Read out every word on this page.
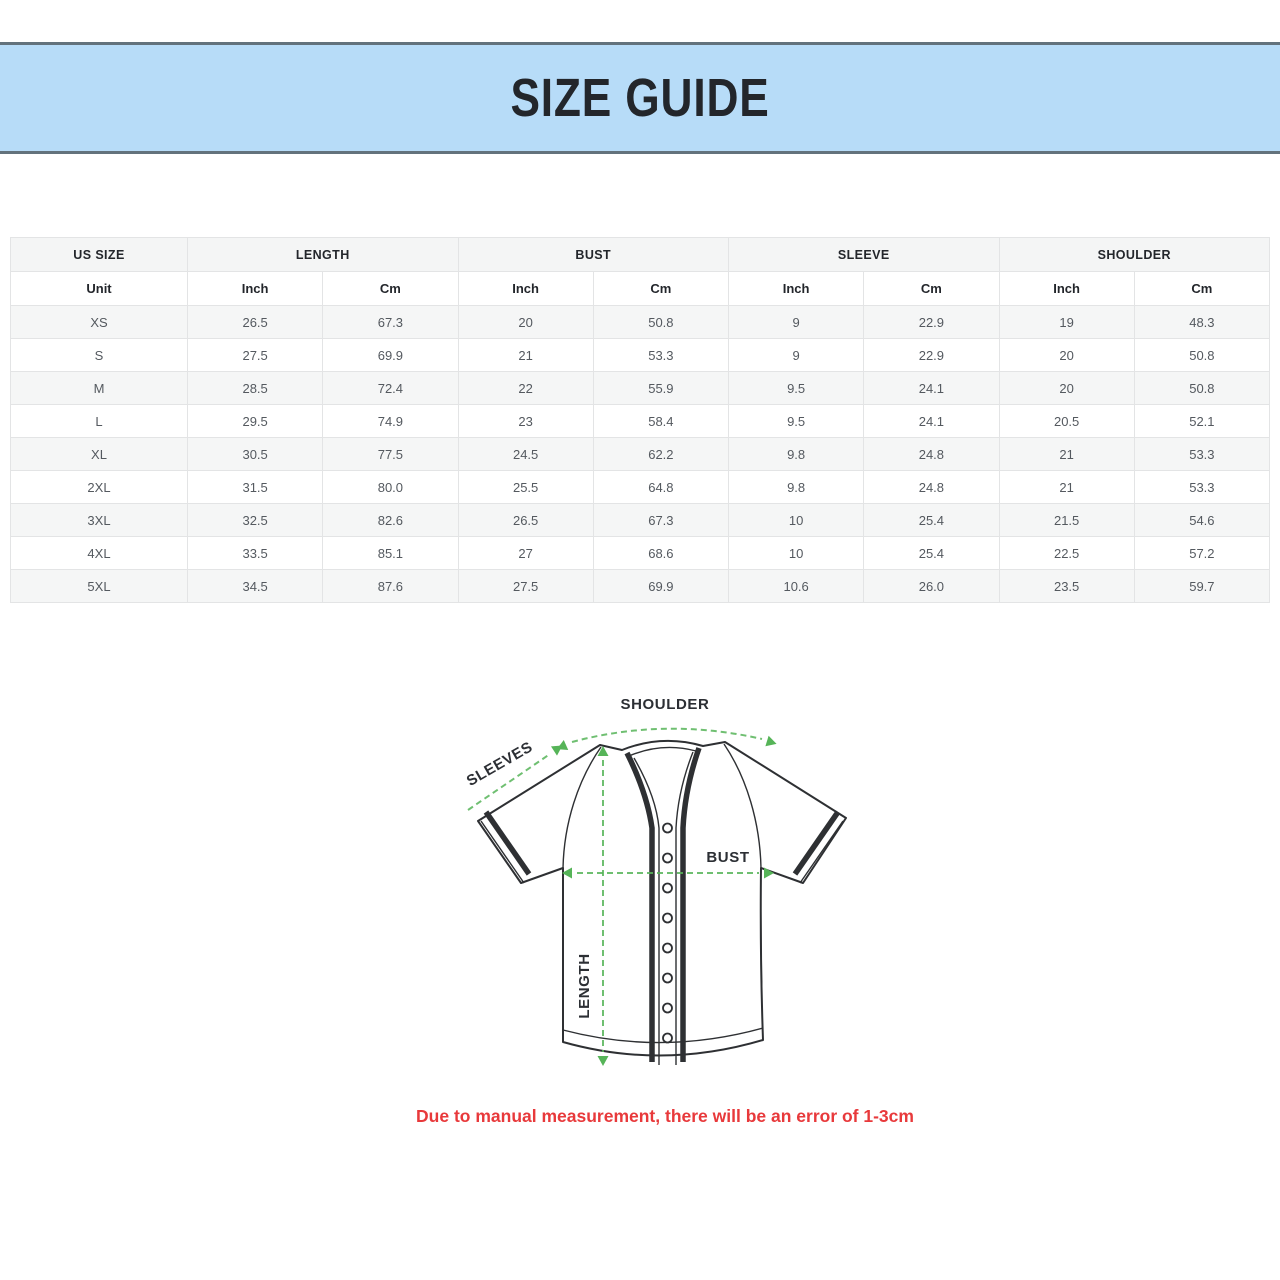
SIZE GUIDE
US SIZE	LENGTH		BUST		SLEEVE		SHOULDER	
Unit	Inch	Cm	Inch	Cm	Inch	Cm	Inch	Cm
XS	26.5	67.3	20	50.8	9	22.9	19	48.3
S	27.5	69.9	21	53.3	9	22.9	20	50.8
M	28.5	72.4	22	55.9	9.5	24.1	20	50.8
L	29.5	74.9	23	58.4	9.5	24.1	20.5	52.1
XL	30.5	77.5	24.5	62.2	9.8	24.8	21	53.3
2XL	31.5	80.0	25.5	64.8	9.8	24.8	21	53.3
3XL	32.5	82.6	26.5	67.3	10	25.4	21.5	54.6
4XL	33.5	85.1	27	68.6	10	25.4	22.5	57.2
5XL	34.5	87.6	27.5	69.9	10.6	26.0	23.5	59.7
SHOULDER
SLEEVES
BUST
LENGTH

Due to manual measurement, there will be an error of 1-3cm
